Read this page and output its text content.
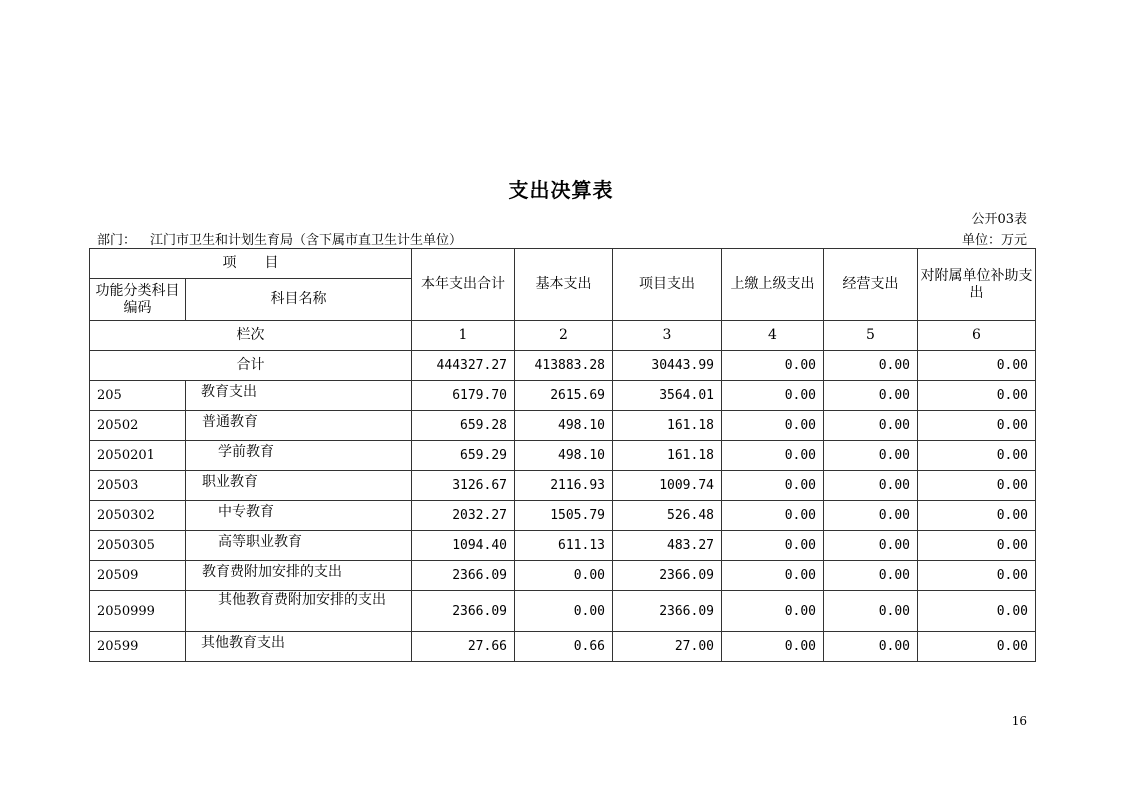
支出决算表
公开03表
部门： 江门市卫生和计划生育局（含下属市直卫生计生单位）	单位：万元
项　　目		本年支出合计	基本支出	项目支出	上缴上级支出	经营支出	对附属单位补助支出
功能分类科目编码	科目名称						
栏次		1	2	3	4	5	6
合计		444327.27	413883.28	30443.99	0.00	0.00	0.00
205	教育支出	6179.70	2615.69	3564.01	0.00	0.00	0.00
20502	普通教育	659.28	498.10	161.18	0.00	0.00	0.00
2050201	学前教育	659.29	498.10	161.18	0.00	0.00	0.00
20503	职业教育	3126.67	2116.93	1009.74	0.00	0.00	0.00
2050302	中专教育	2032.27	1505.79	526.48	0.00	0.00	0.00
2050305	高等职业教育	1094.40	611.13	483.27	0.00	0.00	0.00
20509	教育费附加安排的支出	2366.09	0.00	2366.09	0.00	0.00	0.00
2050999	其他教育费附加安排的支出	2366.09	0.00	2366.09	0.00	0.00	0.00
20599	其他教育支出	27.66	0.66	27.00	0.00	0.00	0.00
16
